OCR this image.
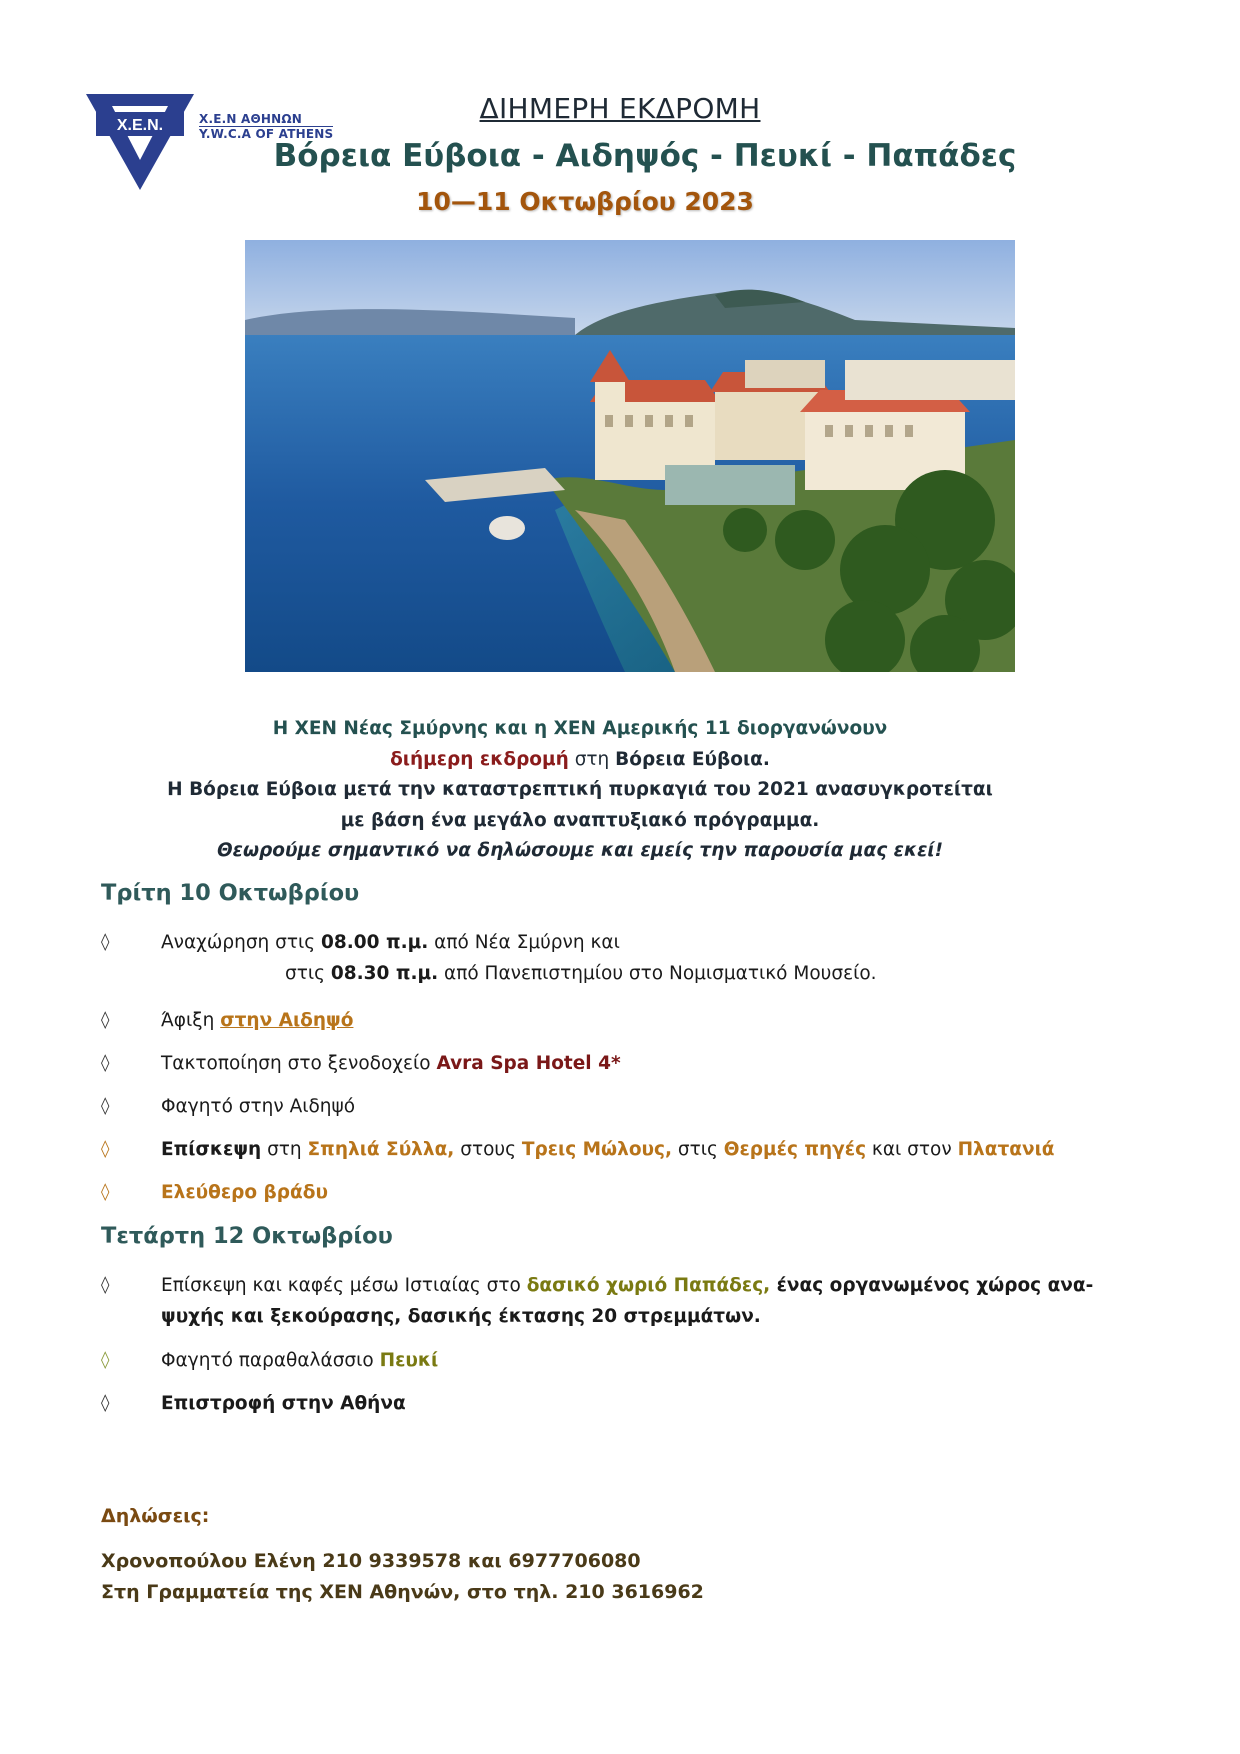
X.E.N.	Χ.Ε.Ν ΑΘΗΝΩΝ
Y.W.C.A OF ATHENS
ΔΙΗΜΕΡΗ ΕΚΔΡΟΜΗ
Βόρεια Εύβοια - Αιδηψός - Πευκί - Παπάδες
10—11 Οκτωβρίου 2023
Η ΧΕΝ Νέας Σμύρνης και η ΧΕΝ Αμερικής 11 διοργανώνουν
διήμερη εκδρομή στη Βόρεια Εύβοια.
Η Βόρεια Εύβοια μετά την καταστρεπτική πυρκαγιά του 2021 ανασυγκροτείται
με βάση ένα μεγάλο αναπτυξιακό πρόγραμμα.
Θεωρούμε σημαντικό να δηλώσουμε και εμείς την παρουσία μας εκεί!
Τρίτη 10 Οκτωβρίου
◊	Αναχώρηση στις 08.00 π.μ. από Νέα Σμύρνη και
στις 08.30 π.μ. από Πανεπιστημίου στο Νομισματικό Μουσείο.
◊	Άφιξη στην Αιδηψό
◊	Τακτοποίηση στο ξενοδοχείο Avra Spa Hotel 4*
◊	Φαγητό στην Αιδηψό
◊	Επίσκεψη στη Σπηλιά Σύλλα, στους Τρεις Μώλους, στις Θερμές πηγές και στον Πλατανιά
◊	Ελεύθερο βράδυ
Τετάρτη 12 Οκτωβρίου
◊	Επίσκεψη και καφές μέσω Ιστιαίας στο δασικό χωριό Παπάδες, ένας οργανωμένος χώρος ανα-
ψυχής και ξεκούρασης, δασικής έκτασης 20 στρεμμάτων.
◊	Φαγητό παραθαλάσσιο Πευκί
◊	Επιστροφή στην Αθήνα
Δηλώσεις:
Χρονοπούλου Ελένη 210 9339578 και 6977706080
Στη Γραμματεία της ΧΕΝ Αθηνών, στο τηλ. 210 3616962
